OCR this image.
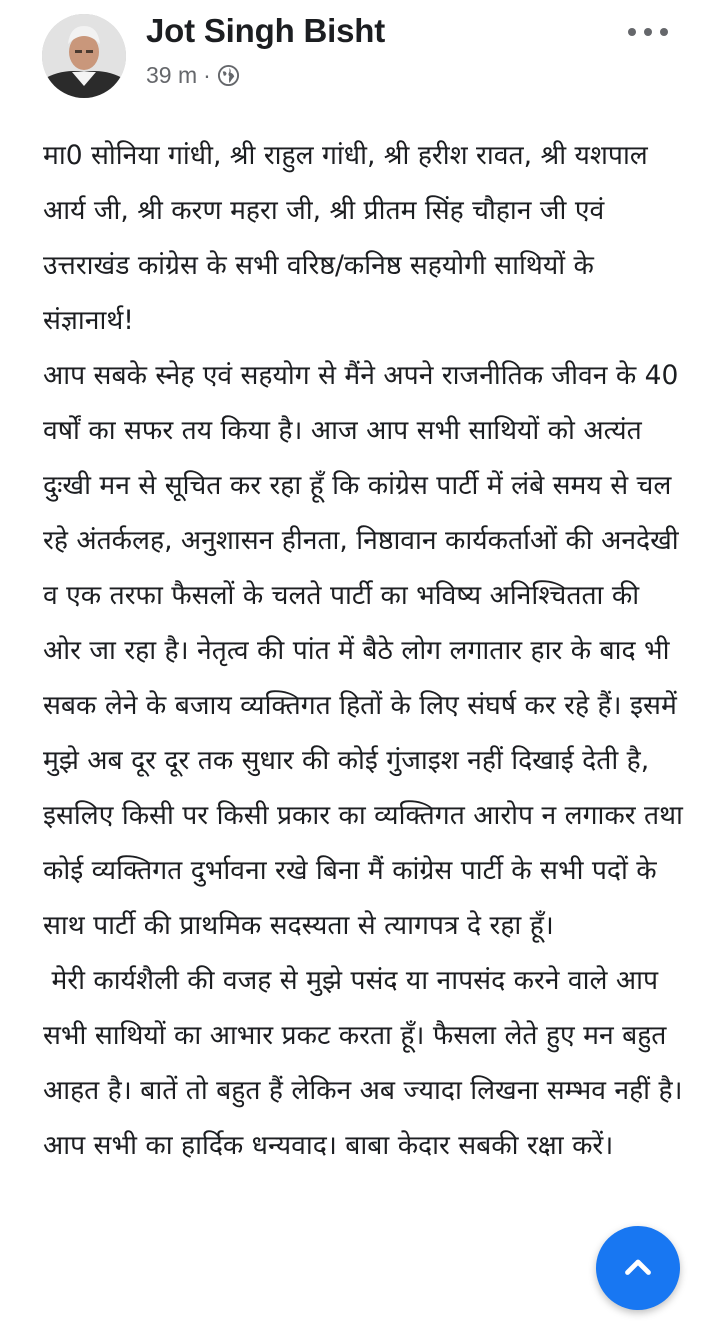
Jot Singh Bisht
39 m ·

मा0 सोनिया गांधी, श्री राहुल गांधी, श्री हरीश रावत, श्री यशपाल आर्य जी, श्री करण महरा जी, श्री प्रीतम सिंह चौहान जी एवं उत्तराखंड कांग्रेस के सभी वरिष्ठ/कनिष्ठ सहयोगी साथियों के संज्ञानार्थ!

आप सबके स्नेह एवं सहयोग से मैंने अपने राजनीतिक जीवन के 40 वर्षों का सफर तय किया है। आज आप सभी साथियों को अत्यंत दुःखी मन से सूचित कर रहा हूँ कि कांग्रेस पार्टी में लंबे समय से चल रहे अंतर्कलह, अनुशासन हीनता, निष्ठावान कार्यकर्ताओं की अनदेखी व एक तरफा फैसलों के चलते पार्टी का भविष्य अनिश्चितता की ओर जा रहा है। नेतृत्व की पांत में बैठे लोग लगातार हार के बाद भी सबक लेने के बजाय व्यक्तिगत हितों के लिए संघर्ष कर रहे हैं। इसमें मुझे अब दूर दूर तक सुधार की कोई गुंजाइश नहीं दिखाई देती है, इसलिए किसी पर किसी प्रकार का व्यक्तिगत आरोप न लगाकर तथा कोई व्यक्तिगत दुर्भावना रखे बिना मैं कांग्रेस पार्टी के सभी पदों के साथ पार्टी की प्राथमिक सदस्यता से त्यागपत्र दे रहा हूँ।

मेरी कार्यशैली की वजह से मुझे पसंद या नापसंद करने वाले आप सभी साथियों का आभार प्रकट करता हूँ। फैसला लेते हुए मन बहुत आहत है। बातें तो बहुत हैं लेकिन अब ज्यादा लिखना सम्भव नहीं है।

आप सभी का हार्दिक धन्यवाद। बाबा केदार सबकी रक्षा करें।
